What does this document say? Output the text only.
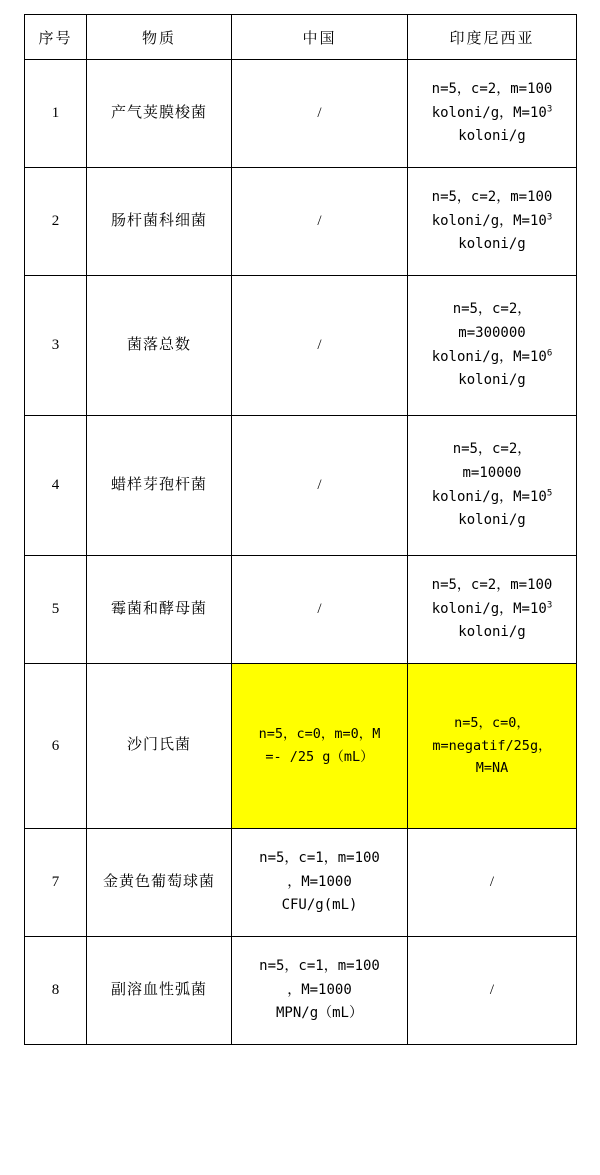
序号	物质	中国	印度尼西亚
1	产气荚膜梭菌	/	n=5，c=2，m=100
koloni/g，$M=10^3$
koloni/g

2	肠杆菌科细菌	/	n=5，c=2，m=100
koloni/g，$M=10^3$
koloni/g

3	菌落总数	/	n=5，c=2，
m=300000
koloni/g，$M=10^6$
koloni/g

4	蜡样芽孢杆菌	/	n=5，c=2，
m=10000
koloni/g，$M=10^5$
koloni/g

5	霉菌和酵母菌	/	n=5，c=2，m=100
koloni/g，$M=10^3$
koloni/g

6	沙门氏菌	n=5，c=0，m=0，M
=- /25 g（mL）	n=5，c=0，
m=negatif/25g，
M=NA

7	金黄色葡萄球菌	n=5，c=1，m=100
，M=1000
CFU/g(mL)	/
8	副溶血性弧菌	n=5，c=1，m=100
，M=1000
MPN/g（mL）	/
